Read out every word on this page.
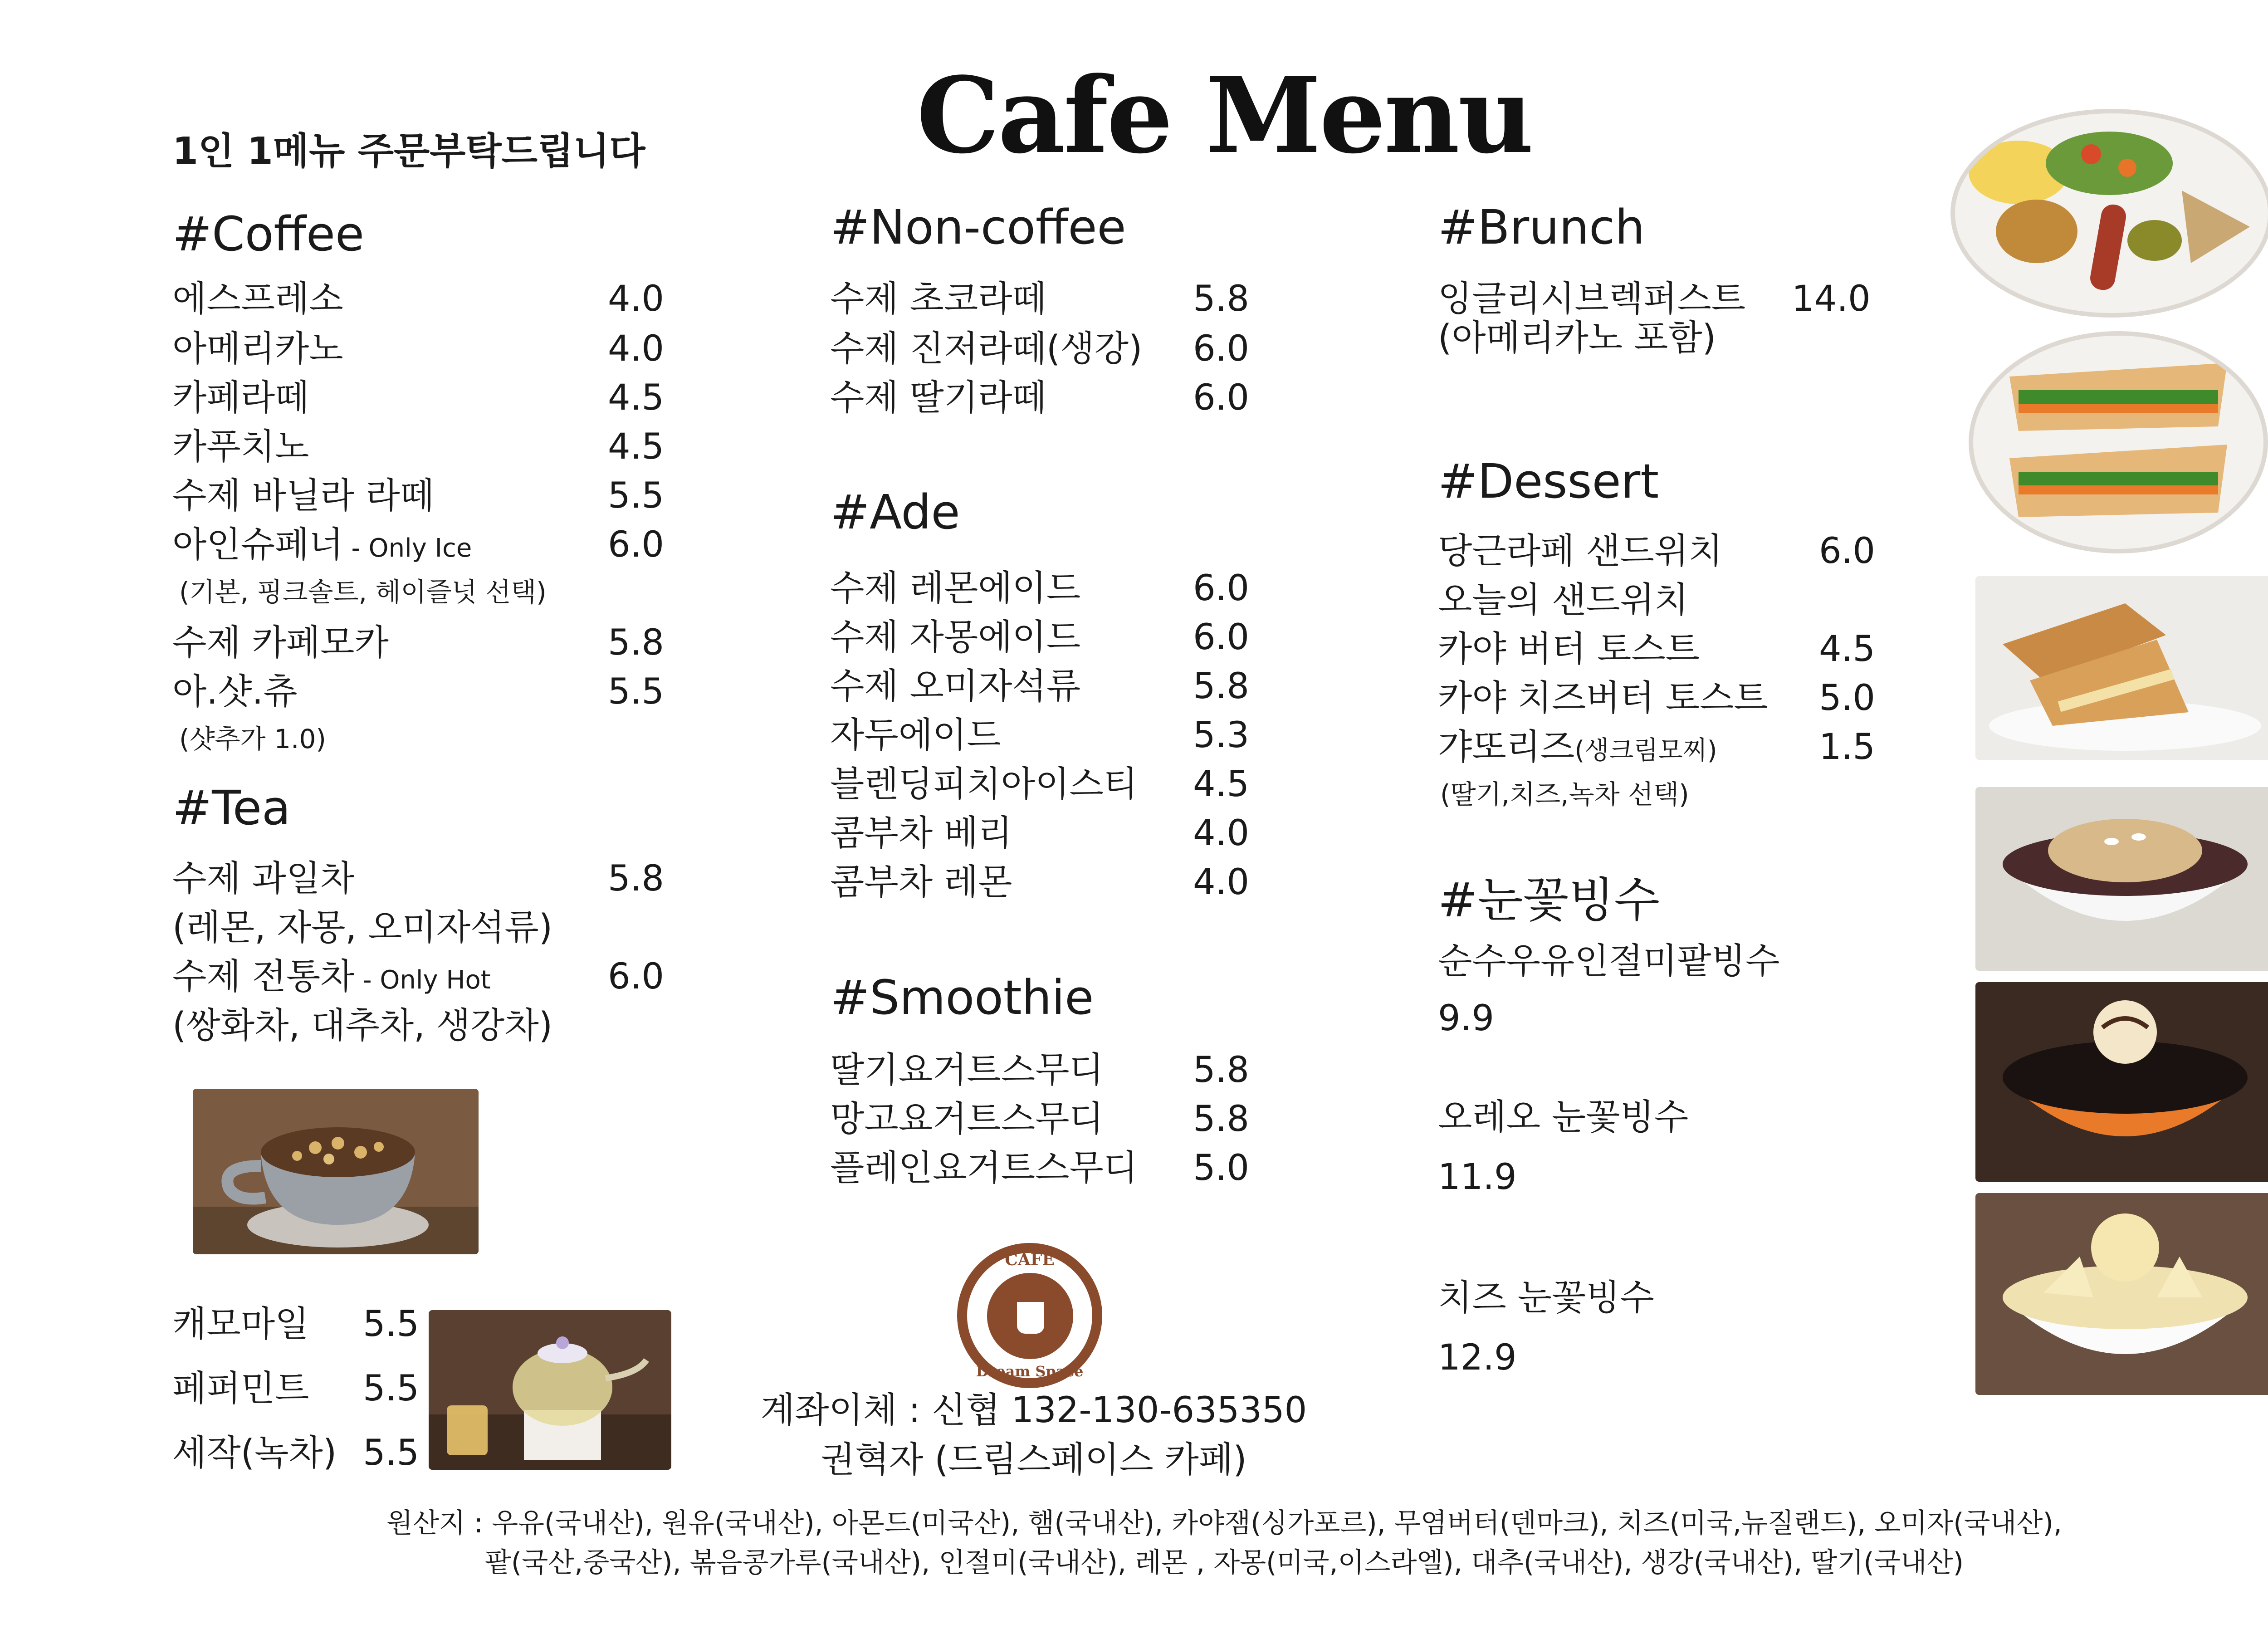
Cafe Menu
1인 1메뉴 주문부탁드립니다
#Coffee
에스프레소	4.0
아메리카노	4.0
카페라떼	4.5
카푸치노	4.5
수제 바닐라 라떼	5.5
아인슈페너 - Only Ice	6.0
(기본, 핑크솔트, 헤이즐넛 선택)
수제 카페모카	5.8
아.샷.츄	5.5
(샷추가 1.0)
#Tea
수제 과일차	5.8
(레몬, 자몽, 오미자석류)
수제 전통차 - Only Hot	6.0
(쌍화차, 대추차, 생강차)
캐모마일 5.5
페퍼민트 5.5
세작(녹차) 5.5
#Non-coffee
수제 초코라떼	5.8
수제 진저라떼(생강) 6.0
수제 딸기라떼	6.0
#Ade
수제 레몬에이드	6.0
수제 자몽에이드	6.0
수제 오미자석류	5.8
자두에이드	5.3
블렌딩피치아이스티 4.5
콤부차 베리	4.0
콤부차 레몬	4.0
#Smoothie
딸기요거트스무디	5.8
망고요거트스무디	5.8
플레인요거트스무디 5.0
CAFE
Dream Space
계좌이체 : 신협 132-130-635350
권혁자 (드림스페이스 카페)
#Brunch
잉글리시브렉퍼스트 14.0
(아메리카노 포함)
#Dessert
당근라페 샌드위치	6.0
오늘의 샌드위치
카야 버터 토스트	4.5
카야 치즈버터 토스트 5.0
갸또리즈(생크림모찌)	1.5
(딸기,치즈,녹차 선택)
#눈꽃빙수
순수우유인절미팥빙수
9.9
오레오 눈꽃빙수
11.9
치즈 눈꽃빙수
12.9
원산지 : 우유(국내산), 원유(국내산), 아몬드(미국산), 햄(국내산), 카야잼(싱가포르), 무염버터(덴마크), 치즈(미국,뉴질랜드), 오미자(국내산),
팥(국산,중국산), 볶음콩가루(국내산), 인절미(국내산), 레몬 , 자몽(미국,이스라엘), 대추(국내산), 생강(국내산), 딸기(국내산)
